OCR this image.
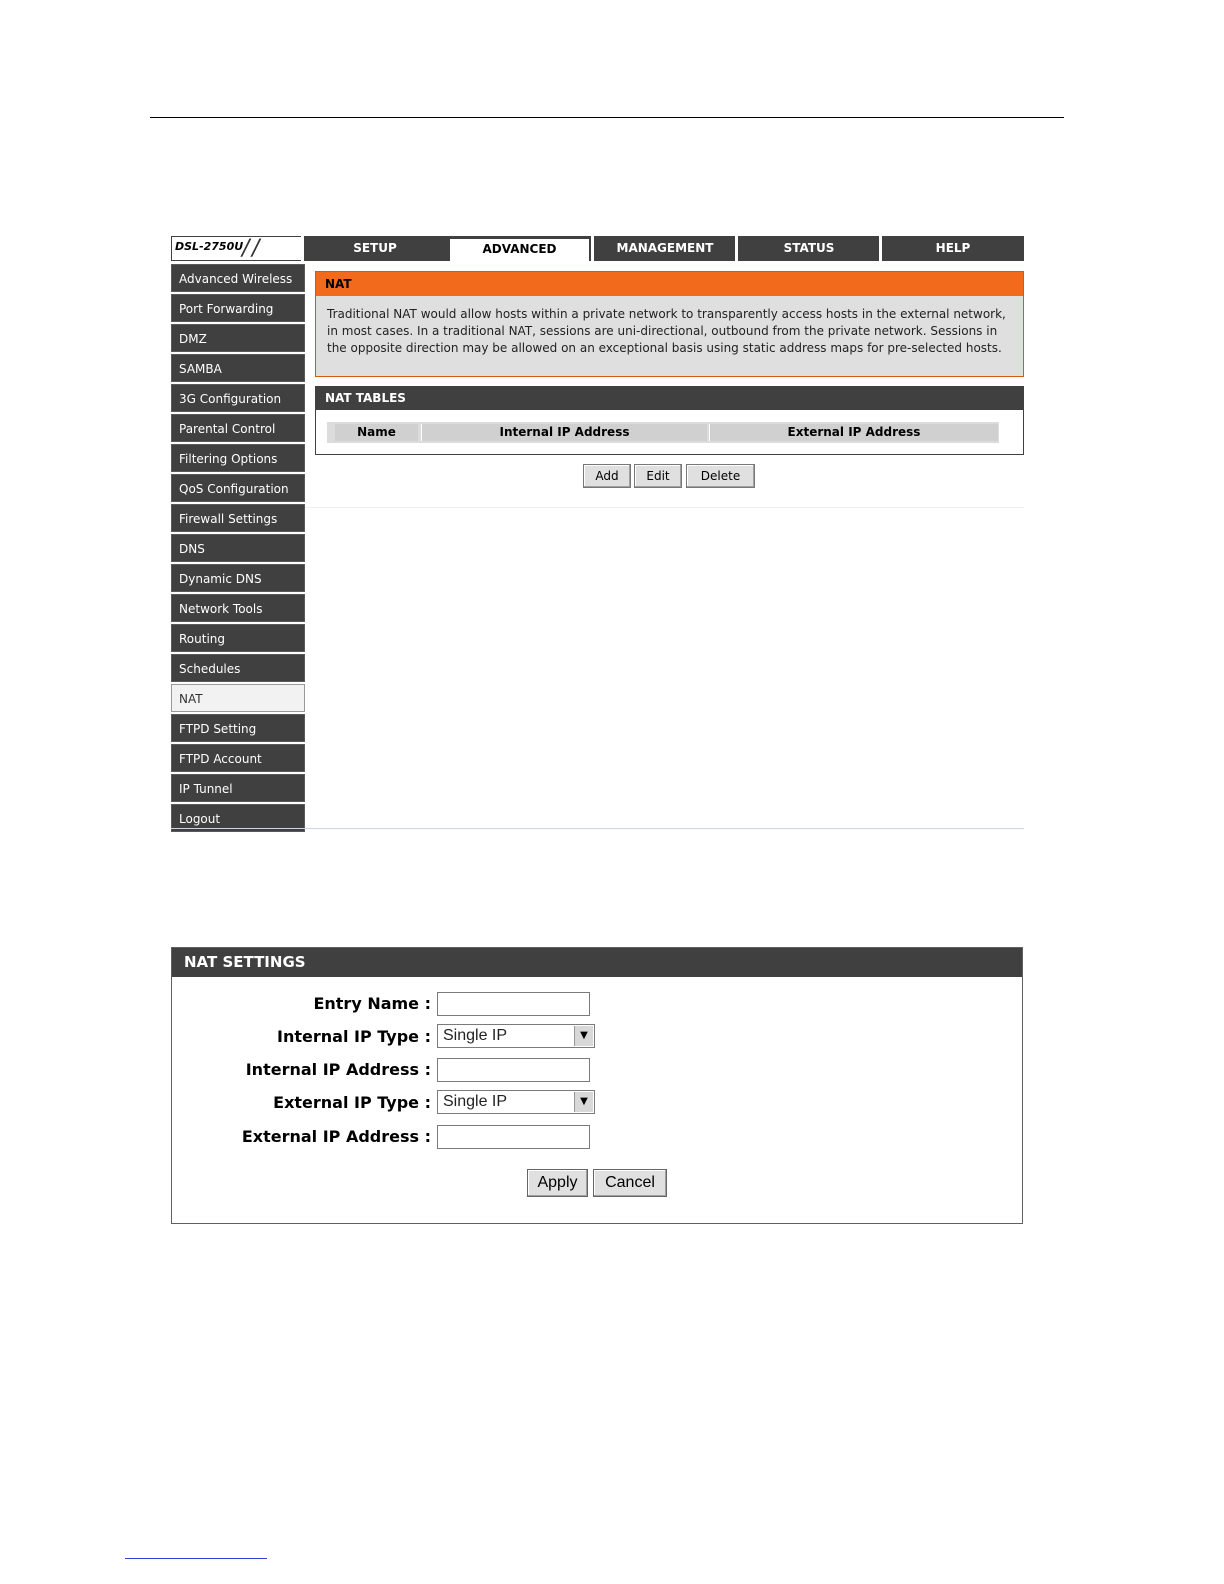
DSL-2750U
/ /	SETUP	ADVANCED	MANAGEMENT	STATUS	HELP
Advanced Wireless
Port Forwarding
DMZ
SAMBA
3G Configuration
Parental Control
Filtering Options
QoS Configuration
Firewall Settings
DNS
Dynamic DNS
Network Tools
Routing
Schedules
NAT
FTPD Setting
FTPD Account
IP Tunnel
Logout
NAT
Traditional NAT would allow hosts within a private network to transparently access hosts in the external network, in most cases. In a traditional NAT, sessions are uni-directional, outbound from the private network. Sessions in the opposite direction may be allowed on an exceptional basis using static address maps for pre-selected hosts.
NAT TABLES
Name	Internal IP Address	External IP Address
Add	Edit	Delete
NAT SETTINGS
Entry Name :
Internal IP Type : Single IP	▼
Internal IP Address :
External IP Type : Single IP	▼
External IP Address :
Apply	Cancel
